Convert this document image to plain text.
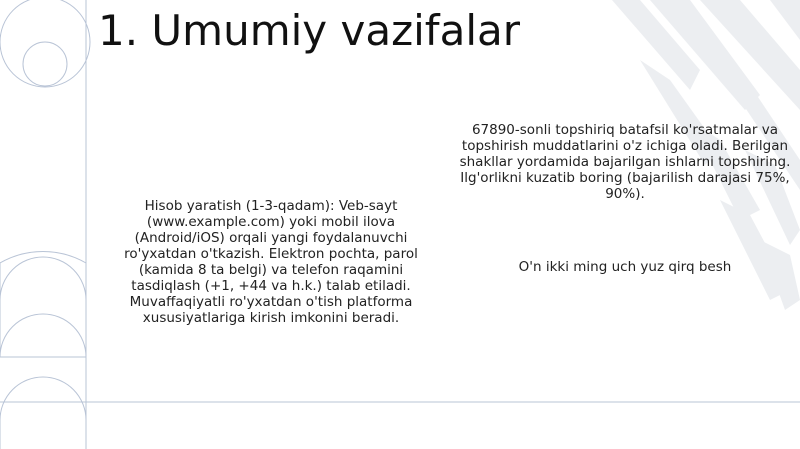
1. Umumiy vazifalar

Hisob yaratish (1-3-qadam): Veb-sayt (www.example.com) yoki mobil ilova (Android/iOS) orqali yangi foydalanuvchi ro'yxatdan o'tkazish. Elektron pochta, parol (kamida 8 ta belgi) va telefon raqamini tasdiqlash (+1, +44 va h.k.) talab etiladi. Muvaffaqiyatli ro'yxatdan o'tish platforma xususiyatlariga kirish imkonini beradi.

67890-sonli topshiriq batafsil ko'rsatmalar va topshirish muddatlarini o'z ichiga oladi. Berilgan shakllar yordamida bajarilgan ishlarni topshiring. Ilg'orlikni kuzatib boring (bajarilish darajasi 75%, 90%).

O'n ikki ming uch yuz qirq besh
